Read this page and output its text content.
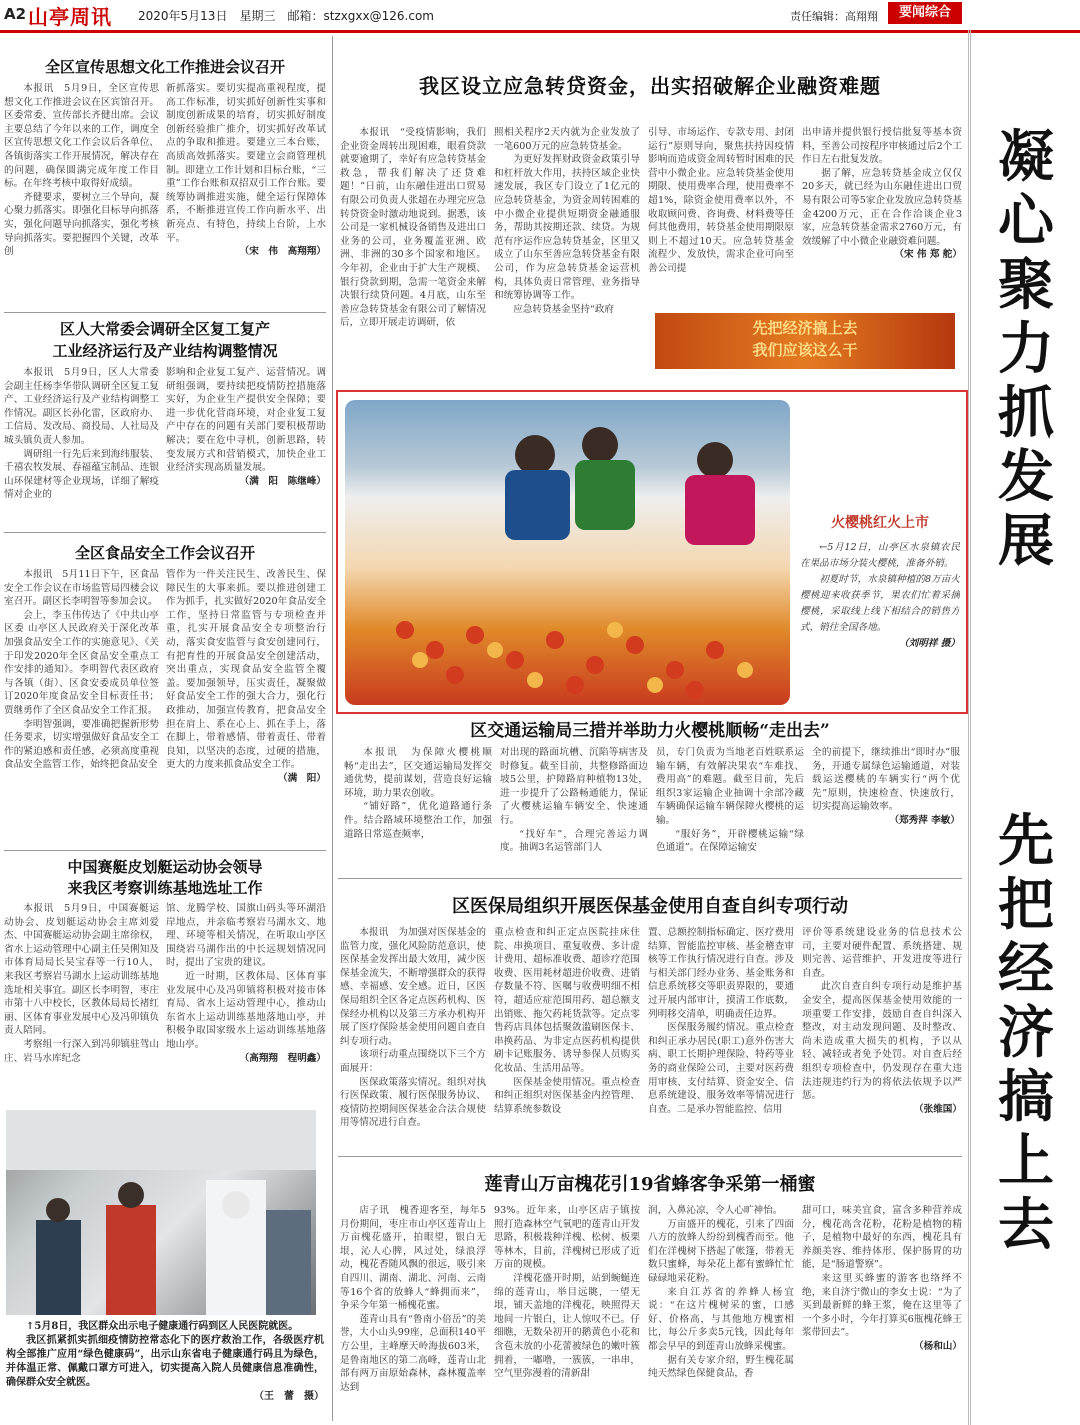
A2 山亭周讯 2020年5月13日　星期三　邮箱：stzxgxx@126.com	责任编辑：高翔翔	要闻综合
凝心聚力抓发展
先把经济搞上去
全区宣传思想文化工作推进会议召开

本报讯　5月9日，全区宣传思想文化工作推进会议在区宾馆召开。区委常委、宣传部长齐健出席。会议主要总结了今年以来的工作，调度全区宣传思想文化工作会议后各单位、各镇街落实工作开展情况，解决存在的问题，确保圆满完成年度工作目标。在年终考核中取得好成绩。

齐健要求，要树立三个导向，凝心聚力抓落实。即强化目标导向抓落实，强化问题导向抓落实，强化考核导向抓落实。要把握四个关键，改革创

新抓落实。要切实提高重视程度，提高工作标准，切实抓好创新性实事和制度创新成果的培育，切实抓好制度创新经验推广推介，切实抓好改革试点的争取和推进。要建立三本台账，高质高效抓落实。要建立会商管理机制。即建立工作计划和目标台账，“三重”工作台账和双招双引工作台账。要统筹协调推进实施，健全运行保障体系，不断推进宣传工作向新水平、出新亮点、有特色，持续上台阶，上水平。

（宋　伟　高翔翔）

区人大常委会调研全区复工复产
工业经济运行及产业结构调整情况

本报讯　5月9日，区人大常委会副主任杨李华带队调研全区复工复产、工业经济运行及产业结构调整工作情况。副区长孙化雷，区政府办、工信局、发改局、商投局、人社局及城头镇负责人参加。

调研组一行先后来到海纬服装、千禧农牧发展、春福蕴宝制品、连银山环保建材等企业现场，详细了解疫情对企业的

影响和企业复工复产、运营情况。调研组强调，要持续把疫情防控措施落实好，为企业生产提供安全保障；要进一步优化营商环境，对企业复工复产中存在的问题有关部门要积极帮助解决；要在危中寻机，创新思路，转变发展方式和营销模式，加快企业工业经济实现高质量发展。

（满　阳　陈继峰）

全区食品安全工作会议召开

本报讯　5月11日下午，区食品安全工作会议在市场监管局四楼会议室召开。副区长李明智等参加会议。

会上，李玉伟传达了《中共山亭区委 山亭区人民政府关于深化改革加强食品安全工作的实施意见》、《关于印发2020年全区食品安全重点工作安排的通知》。李明智代表区政府与各镇（街）、区食安委成员单位签订2020年度食品安全目标责任书；贾继勇作了全区食品安全工作汇报。

李明智强调，要准确把握新形势任务要求，切实增强做好食品安全工作的紧迫感和责任感，必须高度重视食品安全监管工作，始终把食品安全

管作为一件关注民生、改善民生、保障民生的大事来抓。要以推进创建工作为抓手，扎实做好2020年食品安全工作，坚持日常监管与专项检查并重，扎实开展食品安全专项整治行动，落实食安监管与食安创建同行，有把育性的开展食品安全创建活动，突出重点，实现食品安全监管全覆盖。要加强领导，压实责任，凝聚做好食品安全工作的强大合力，强化行政推动，加强宣传教育，把食品安全担在肩上、系在心上、抓在手上，落在脚上，带着感情、带着责任、带着良知，以坚决的态度，过硬的措施，更大的力度来抓食品安全工作。

（满　阳）

中国赛艇皮划艇运动协会领导
来我区考察训练基地选址工作

本报讯　5月9日，中国赛艇运动协会、皮划艇运动协会主席刘爱杰、中国赛艇运动协会副主席徐权，省水上运动管理中心副主任吴俐知及市体育局局长吴宝春等一行10人，来我区考察岩马湖水上运动训练基地选址相关事宜。副区长李明智，枣庄市第十八中校长，区教体局局长褚红丽、区体育事业发展中心及冯卯镇负责人陪同。

考察组一行深入到冯卯镇驻驾山庄、岩马水库纪念

馆、龙腾学校、国旗山码头等环湖沿岸地点，并亲临考察岩马湖水文、地理、环境等相关情况，在听取山亭区围绕岩马湖作出的中长远规划情况同时，提出了宝贵的建议。

近一时期，区教体局、区体育事业发展中心及冯卯镇将积极对接市体育局、省水上运动管理中心，推动山东省水上运动训练基地落地山亭，并积极争取国家级水上运动训练基地落地山亭。

（高翔翔　程明鑫）

↑5月8日，我区群众出示电子健康通行码到区人民医院就医。

我区抓紧抓实抓细疫情防控常态化下的医疗救治工作，各级医疗机构全部推广应用“绿色健康码”，出示山东省电子健康通行码且为绿色，并体温正常、佩戴口罩方可进入，切实提高入院人员健康信息准确性，确保群众安全就医。

（王　蕾　摄）

我区设立应急转贷资金，出实招破解企业融资难题

本报讯　“受疫情影响，我们企业资金周转出现困难，眼看贷款就要逾期了，幸好有应急转贷基金救急，帮我们解决了还贷难题！”日前，山东融佳进出口贸易有限公司负责人张超在办理完应急转贷资金时激动地说到。据悉，该公司是一家机械设备销售及进出口业务的公司，业务覆盖亚洲、欧洲、非洲的30多个国家和地区。今年初，企业由于扩大生产规模、银行贷款到期，急需一笔资金来解决银行续贷问题。4月底，山东至善应急转贷基金有限公司了解情况后，立即开展走访调研，依

照相关程序2天内就为企业发放了一笔600万元的应急转贷基金。

为更好发挥财政资金政策引导和杠杆放大作用，扶持区域企业快速发展，我区专门设立了1亿元的应急转贷基金，为资金周转困难的中小微企业提供短期资金融通服务，帮助其按期还款、续贷。为规范有序运作应急转贷基金，区里又成立了山东至善应急转贷基金有限公司，作为应急转贷基金运营机构，具体负责日常管理、业务指导和统筹协调等工作。

应急转贷基金坚持“政府

引导、市场运作、专款专用、封闭运行”原则导向，聚焦扶持因疫情影响而造成资金周转暂时困难的民营中小微企业。应急转贷基金使用期限、使用费率合理，使用费率不超1%，除资金使用费率以外，不收取顾问费、咨询费、材料费等任何其他费用，转贷基金使用期限原则上不超过10天。应急转贷基金流程少、发放快，需求企业可向至善公司提

出申请并提供银行授信批复等基本资料，至善公司按程序审核通过后2个工作日左右批复发放。

据了解，应急转贷基金成立仅仅20多天，就已经为山东融佳进出口贸易有限公司等5家企业发放应急转贷基金4200万元，正在合作洽谈企业3家，应急转贷基金需求2760万元，有效缓解了中小微企业融资难问题。

（宋 伟 郑 舵）

先把经济搞上去
我们应该这么干
火樱桃红火上市

←5月12日，山亭区水泉镇农民在果品市场分装火樱桃，准备外销。

初夏时节，水泉镇种植的8万亩火樱桃迎来收获季节，果农们忙着采摘樱桃，采取线上线下相结合的销售方式，销往全国各地。

（刘明祥 摄）

区交通运输局三措并举助力火樱桃顺畅“走出去”

本报讯　为保障火樱桃顺畅“走出去”，区交通运输局发挥交通优势，提前谋划，营造良好运输环境，助力果农创收。

“铺好路”，优化道路通行条件。结合路域环境整治工作，加强道路日常巡查频率，

对出现的路面坑槽、沉陷等病害及时修复。截至目前，共整修路面边坡5公里，护障路肩种植物13处，进一步提升了公路畅通能力，保证了火樱桃运输车辆安全、快速通行。

“找好车”，合理完善运力调度。抽调3名运管部门人

员，专门负责为当地老百姓联系运输车辆，有效解决果农“车难找、费用高”的难题。截至目前，先后组织3家运输企业抽调十余部冷藏车辆确保运输车辆保障火樱桃的运输。

“服好务”，开辟樱桃运输“绿色通道”。在保障运输安

全的前提下，继续推出“即时办”服务，开通专属绿色运输通道，对装载运送樱桃的车辆实行“两个优先”原则，快速检查、快速放行，切实提高运输效率。

（郑秀萍 李敏）

区医保局组织开展医保基金使用自查自纠专项行动

本报讯　为加强对医保基金的监管力度，强化风险防范意识，使医保基金发挥出最大效用，减少医保基金流失，不断增强群众的获得感、幸福感、安全感。近日，区医保局组织全区各定点医药机构、医保经办机构以及第三方承办机构开展了医疗保险基金使用问题自查自纠专项行动。

该项行动重点围绕以下三个方面展开：

医保政策落实情况。组织对执行医保政策、履行医保服务协议、疫情防控期间医保基金合法合规使用等情况进行自查。

重点检查和纠正定点医院挂床住院、串换项目、重复收费、多计虚计费用、超标准收费、超诊疗范围收费、医用耗材超进价收费、进销存数量不符、医嘱与收费明细不相符，超适应症范围用药、超总额支出销账、拖欠药耗货款等。定点零售药店具体包括聚敛滥刷医保卡、串换药品、为非定点医药机构提供刷卡记账服务、诱导参保人员购买化妆品、生活用品等。

医保基金使用情况。重点检查和纠正组织对医保基金内控管理、结算系统参数设

置、总额控制指标确定、医疗费用结算、智能监控审核、基金稽查审核等工作执行情况进行自查。涉及与相关部门经办业务、基金账务和信息系统移交等职责界限的，要通过开展内部审计，摸清工作底数，列明移交清单，明确责任边界。

医保服务履约情况。重点检查和纠正承办居民(职工)意外伤害大病、职工长期护理保险、特药等业务的商业保险公司，主要对医药费用审核、支付结算、资金安全、信息系统建设、服务效率等情况进行自查。二是承办智能监控、信用

评价等系统建设业务的信息技术公司，主要对硬件配置、系统搭建、规则完善、运营维护、开发进度等进行自查。

此次自查自纠专项行动是维护基金安全，提高医保基金使用效能的一项重要工作安排，鼓励自查自纠深入整改，对主动发现问题、及时整改、尚未造成重大损失的机构，予以从轻、减轻或者免予处罚。对自查后经组织专项检查中，仍发现存在重大违法违规违约行为的将依法依规予以严惩。

（张维国）

莲青山万亩槐花引19省蜂客争采第一桶蜜

店子讯　槐香迎客至，每年5月份期间，枣庄市山亭区莲青山上万亩槐花盛开，拍眼望，银白无垠，沁人心脾，风过处，绿浪浮动，槐花香随风飘的很远，吸引来自四川、湖南、湖北、河南、云南等16个省的放蜂人“蜂拥而来”，争采今年第一桶槐花蜜。

莲青山具有“鲁南小倍岳”的美誉，大小山头99座，总面积140平方公里，主峰摩天岭海拔603米，是鲁南地区的第二高峰，莲青山北部有两万亩原始森林，森林覆盖率达到

93%。近年来，山亭区店子镇按照打造森林空气氧吧的莲青山开发思路，积极栽种洋槐、松树、板栗等林木，目前，洋槐树已形成了近万亩的规模。

洋槐花盛开时期，站到蜿蜒连绵的莲青山，举目远眺，一望无垠，铺天盖地的洋槐花，映照得天地间一片银白，让人惊叹不已。仔细瞧，无数朵初开的鹅黄色小花和含苞未放的小花蕾被绿色的嫩叶簇拥着，一嘟噜，一簇簇，一串串，空气里弥漫着的清新甜

润，入鼻沁凉，令人心旷神怡。

万亩盛开的槐花，引来了四面八方的放蜂人纷纷到槐香而至。他们在洋槐树下搭起了帐篷，带着无数只蜜蜂，每朵花上都有蜜蜂忙忙碌碌地采花粉。

来自江苏省的养蜂人杨宜说：“在这片槐树采的蜜，口感好、价格高，与其他地方槐蜜相比，每公斤多卖5元钱，因此每年都会早早的到莲青山放蜂采槐蜜。

据有关专家介绍，野生槐花属纯天然绿色保健食品，香

甜可口，味美宜食，富含多种营养成分，槐花高含花粉，花粉是植物的精子，是植物中最好的东西，槐花具有养颜美容、维持体形、保护肠胃的功能，是“肠道警察”。

来这里买蜂蜜的游客也络绎不绝，来自济宁微山的李女士说：“为了买到最新鲜的蜂王浆，俺在这里等了一个多小时，今年打算买6瓶槐花蜂王浆带回去”。

（杨和山）
